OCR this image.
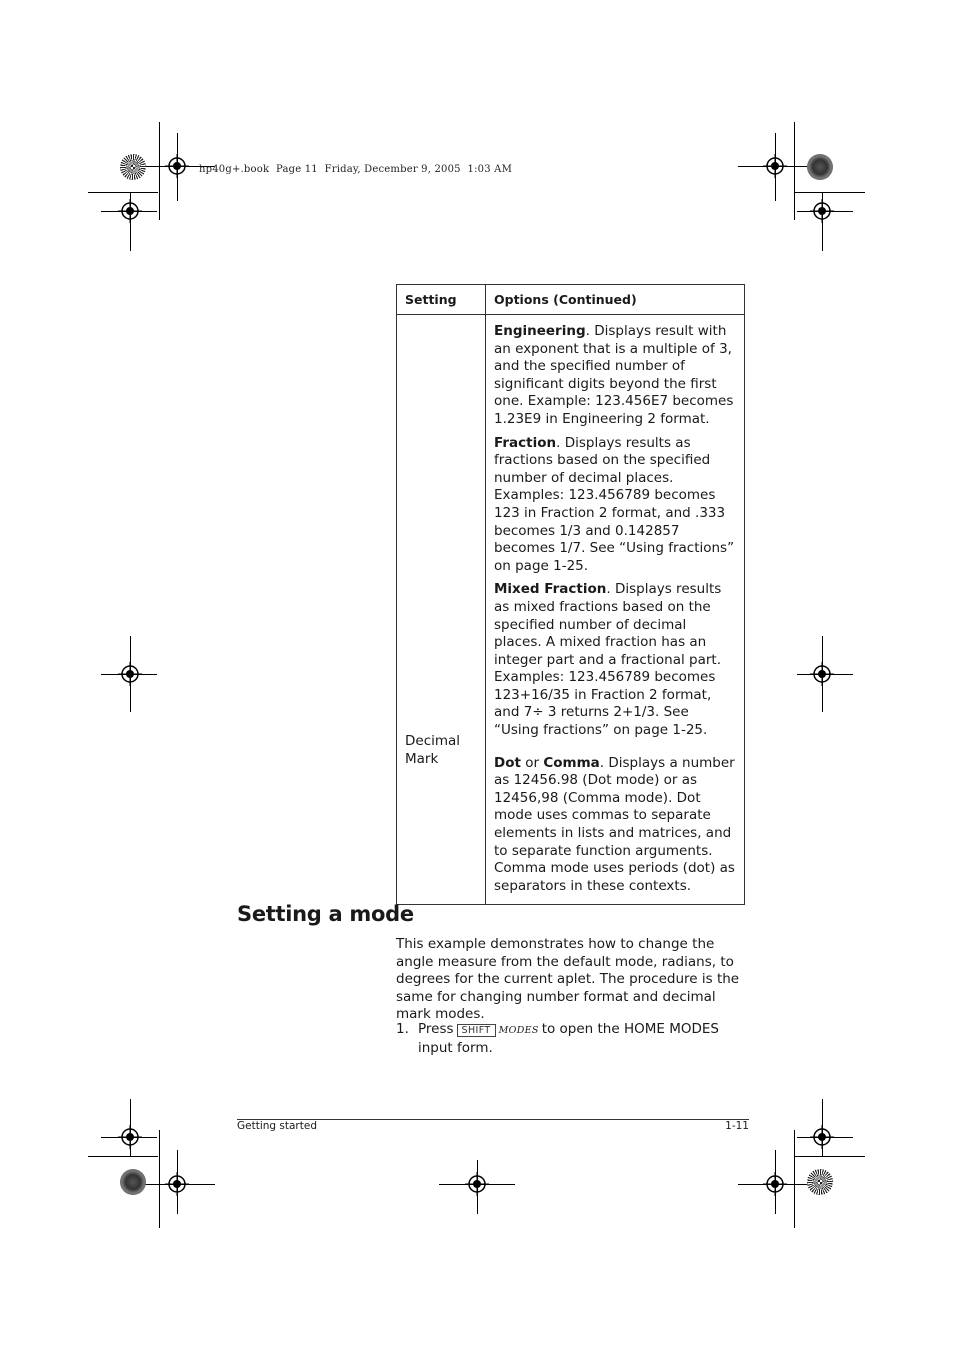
hp40g+.book  Page 11  Friday, December 9, 2005  1:03 AM
Setting	Options (Continued)

Decimal Mark	Engineering. Displays result with an exponent that is a multiple of 3, and the specified number of significant digits beyond the first one. Example: 123.456E7 becomes 1.23E9 in Engineering 2 format.

Fraction. Displays results as fractions based on the specified number of decimal places. Examples: 123.456789 becomes 123 in Fraction 2 format, and .333 becomes 1/3 and 0.142857 becomes 1/7. See “Using fractions” on page 1-25.

Mixed Fraction. Displays results as mixed fractions based on the specified number of decimal places. A mixed fraction has an integer part and a fractional part. Examples: 123.456789 becomes 123+16/35 in Fraction 2 format, and 7÷ 3 returns 2+1/3. See “Using fractions” on page 1-25.

Dot or Comma. Displays a number as 12456.98 (Dot mode) or as 12456,98 (Comma mode). Dot mode uses commas to separate elements in lists and matrices, and to separate function arguments. Comma mode uses periods (dot) as separators in these contexts.

Setting a mode

This example demonstrates how to change the angle measure from the default mode, radians, to degrees for the current aplet. The procedure is the same for changing number format and decimal mark modes.

1. Press SHIFT MODES to open the HOME MODES input form.
Getting started	1-11
